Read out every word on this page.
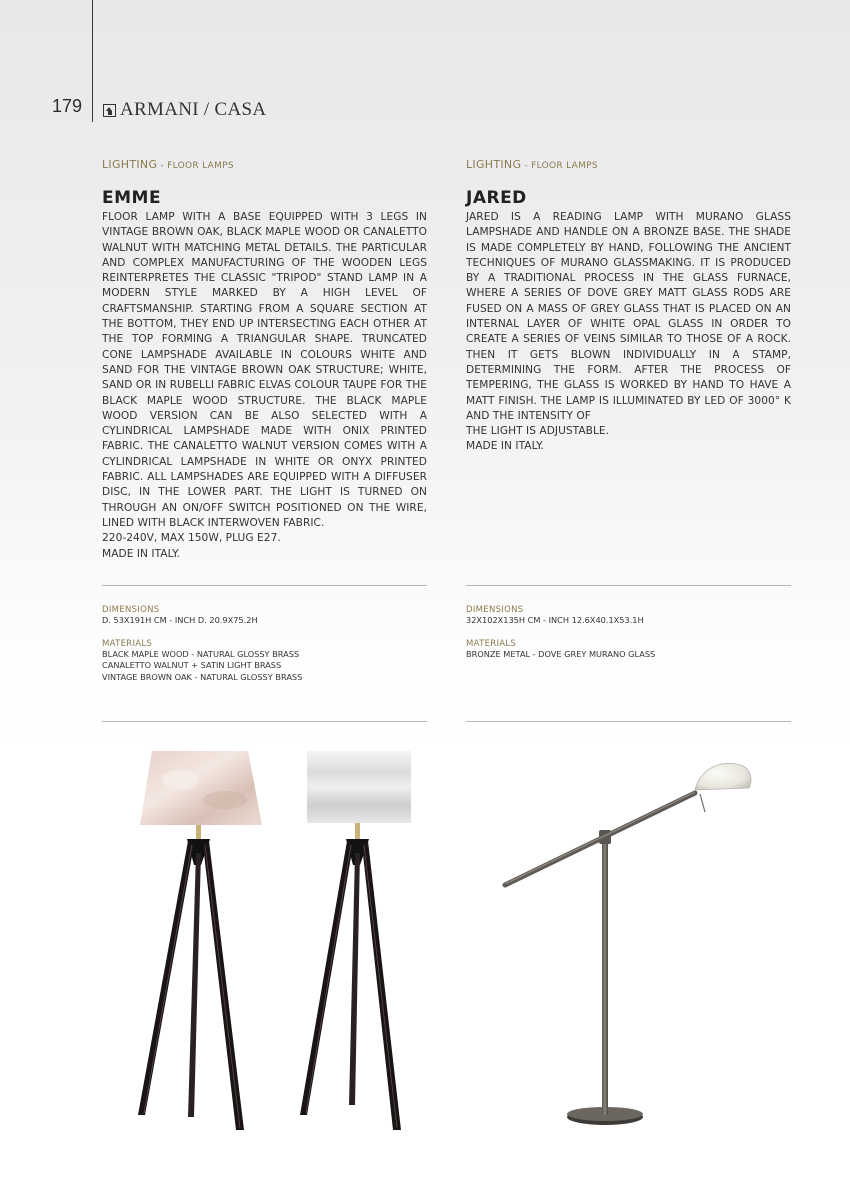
179 ARMANI / CASA
LIGHTING - FLOOR LAMPS
EMME
FLOOR LAMP WITH A BASE EQUIPPED WITH 3 LEGS IN VINTAGE BROWN OAK, BLACK MAPLE WOOD OR CANALETTO WALNUT WITH MATCHING METAL DETAILS. THE PARTICULAR AND COMPLEX MANUFACTURING OF THE WOODEN LEGS REINTERPRETES THE CLASSIC "TRIPOD" STAND LAMP IN A MODERN STYLE MARKED BY A HIGH LEVEL OF CRAFTSMANSHIP. STARTING FROM A SQUARE SECTION AT THE BOTTOM, THEY END UP INTERSECTING EACH OTHER AT THE TOP FORMING A TRIANGULAR SHAPE. TRUNCATED CONE LAMPSHADE AVAILABLE IN COLOURS WHITE AND SAND FOR THE VINTAGE BROWN OAK STRUCTURE; WHITE, SAND OR IN RUBELLI FABRIC ELVAS COLOUR TAUPE FOR THE BLACK MAPLE WOOD STRUCTURE. THE BLACK MAPLE WOOD VERSION CAN BE ALSO SELECTED WITH A CYLINDRICAL LAMPSHADE MADE WITH ONIX PRINTED FABRIC. THE CANALETTO WALNUT VERSION COMES WITH A CYLINDRICAL LAMPSHADE IN WHITE OR ONYX PRINTED FABRIC. ALL LAMPSHADES ARE EQUIPPED WITH A DIFFUSER DISC, IN THE LOWER PART. THE LIGHT IS TURNED ON THROUGH AN ON/OFF SWITCH POSITIONED ON THE WIRE, LINED WITH BLACK INTERWOVEN FABRIC.
220-240V, MAX 150W, PLUG E27.
MADE IN ITALY.
DIMENSIONS
D. 53X191H CM - INCH D. 20.9X75.2H
MATERIALS
BLACK MAPLE WOOD - NATURAL GLOSSY BRASS
CANALETTO WALNUT + SATIN LIGHT BRASS
VINTAGE BROWN OAK - NATURAL GLOSSY BRASS
LIGHTING - FLOOR LAMPS
JARED
JARED IS A READING LAMP WITH MURANO GLASS LAMPSHADE AND HANDLE ON A BRONZE BASE. THE SHADE IS MADE COMPLETELY BY HAND, FOLLOWING THE ANCIENT TECHNIQUES OF MURANO GLASSMAKING. IT IS PRODUCED BY A TRADITIONAL PROCESS IN THE GLASS FURNACE, WHERE A SERIES OF DOVE GREY MATT GLASS RODS ARE FUSED ON A MASS OF GREY GLASS THAT IS PLACED ON AN INTERNAL LAYER OF WHITE OPAL GLASS IN ORDER TO CREATE A SERIES OF VEINS SIMILAR TO THOSE OF A ROCK. THEN IT GETS BLOWN INDIVIDUALLY IN A STAMP, DETERMINING THE FORM. AFTER THE PROCESS OF TEMPERING, THE GLASS IS WORKED BY HAND TO HAVE A MATT FINISH. THE LAMP IS ILLUMINATED BY LED OF 3000° K AND THE INTENSITY OF
THE LIGHT IS ADJUSTABLE.
MADE IN ITALY.
DIMENSIONS
32X102X135H CM - INCH 12.6X40.1X53.1H
MATERIALS
BRONZE METAL - DOVE GREY MURANO GLASS
